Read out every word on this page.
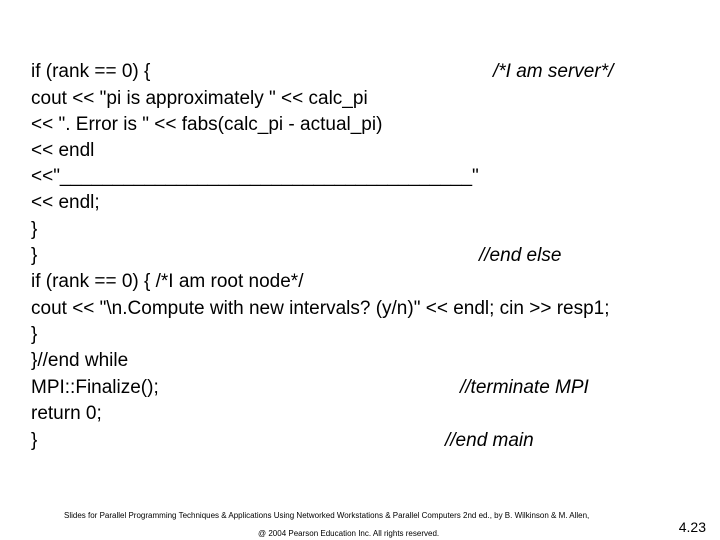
if (rank == 0) {	/*I am server*/
cout << "pi is approximately " << calc_pi
<< ". Error is " << fabs(calc_pi - actual_pi)
<< endl
<<"_______________________________________"
<< endl;
}
}	//end else
if (rank == 0) { /*I am root node*/
cout << "\n.Compute with new intervals? (y/n)" << endl; cin >> resp1;
}
}//end while
MPI::Finalize();	//terminate MPI
return 0;
}	//end main
Slides for Parallel Programming Techniques & Applications Using Networked Workstations & Parallel Computers 2nd ed., by B. Wilkinson & M. Allen,
@ 2004 Pearson Education Inc. All rights reserved.	4.23
